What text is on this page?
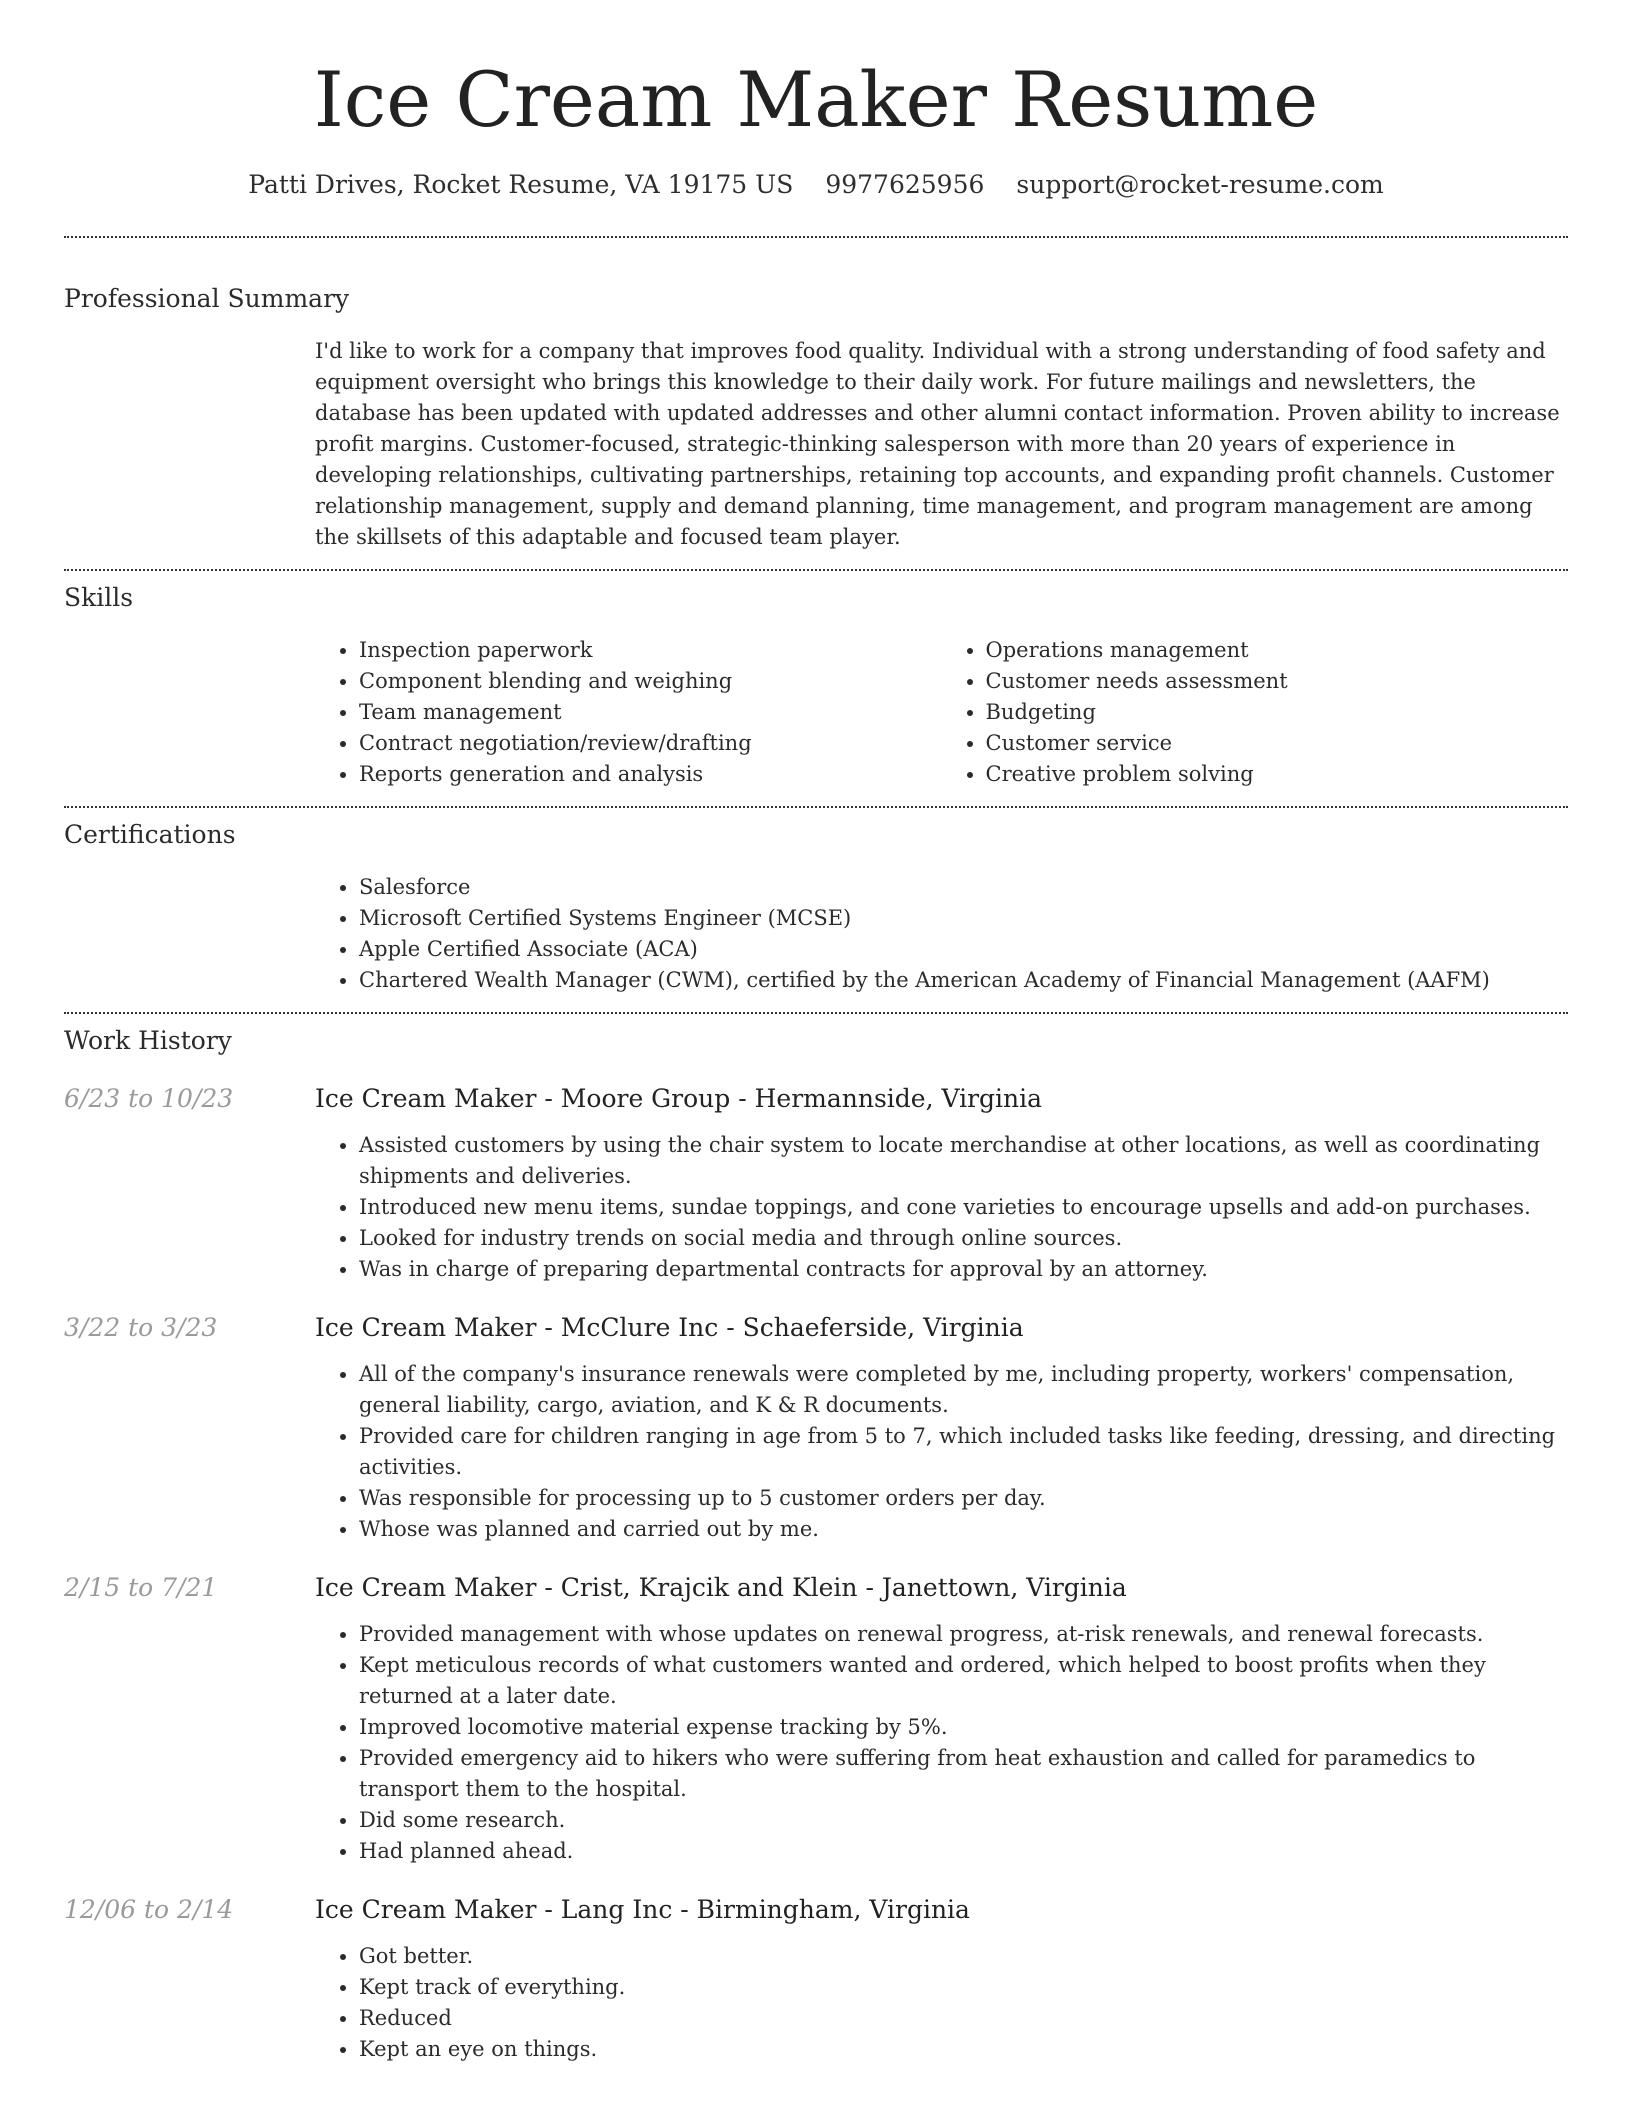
Ice Cream Maker Resume
Patti Drives, Rocket Resume, VA 19175 US 9977625956 support@rocket-resume.com
Professional Summary
I'd like to work for a company that improves food quality. Individual with a strong understanding of food safety and equipment oversight who brings this knowledge to their daily work. For future mailings and newsletters, the database has been updated with updated addresses and other alumni contact information. Proven ability to increase profit margins. Customer-focused, strategic-thinking salesperson with more than 20 years of experience in developing relationships, cultivating partnerships, retaining top accounts, and expanding profit channels. Customer relationship management, supply and demand planning, time management, and program management are among the skillsets of this adaptable and focused team player.
Skills
• Inspection paperwork
• Component blending and weighing
• Team management
• Contract negotiation/review/drafting
• Reports generation and analysis
• Operations management
• Customer needs assessment
• Budgeting
• Customer service
• Creative problem solving
Certifications
• Salesforce
• Microsoft Certified Systems Engineer (MCSE)
• Apple Certified Associate (ACA)
• Chartered Wealth Manager (CWM), certified by the American Academy of Financial Management (AAFM)
Work History
6/23 to 10/23	Ice Cream Maker - Moore Group - Hermannside, Virginia
• Assisted customers by using the chair system to locate merchandise at other locations, as well as coordinating shipments and deliveries.
• Introduced new menu items, sundae toppings, and cone varieties to encourage upsells and add-on purchases.
• Looked for industry trends on social media and through online sources.
• Was in charge of preparing departmental contracts for approval by an attorney.
3/22 to 3/23	Ice Cream Maker - McClure Inc - Schaeferside, Virginia
• All of the company's insurance renewals were completed by me, including property, workers' compensation, general liability, cargo, aviation, and K & R documents.
• Provided care for children ranging in age from 5 to 7, which included tasks like feeding, dressing, and directing activities.
• Was responsible for processing up to 5 customer orders per day.
• Whose was planned and carried out by me.
2/15 to 7/21	Ice Cream Maker - Crist, Krajcik and Klein - Janettown, Virginia
• Provided management with whose updates on renewal progress, at-risk renewals, and renewal forecasts.
• Kept meticulous records of what customers wanted and ordered, which helped to boost profits when they returned at a later date.
• Improved locomotive material expense tracking by 5%.
• Provided emergency aid to hikers who were suffering from heat exhaustion and called for paramedics to transport them to the hospital.
• Did some research.
• Had planned ahead.
12/06 to 2/14	Ice Cream Maker - Lang Inc - Birmingham, Virginia
• Got better.
• Kept track of everything.
• Reduced
• Kept an eye on things.
